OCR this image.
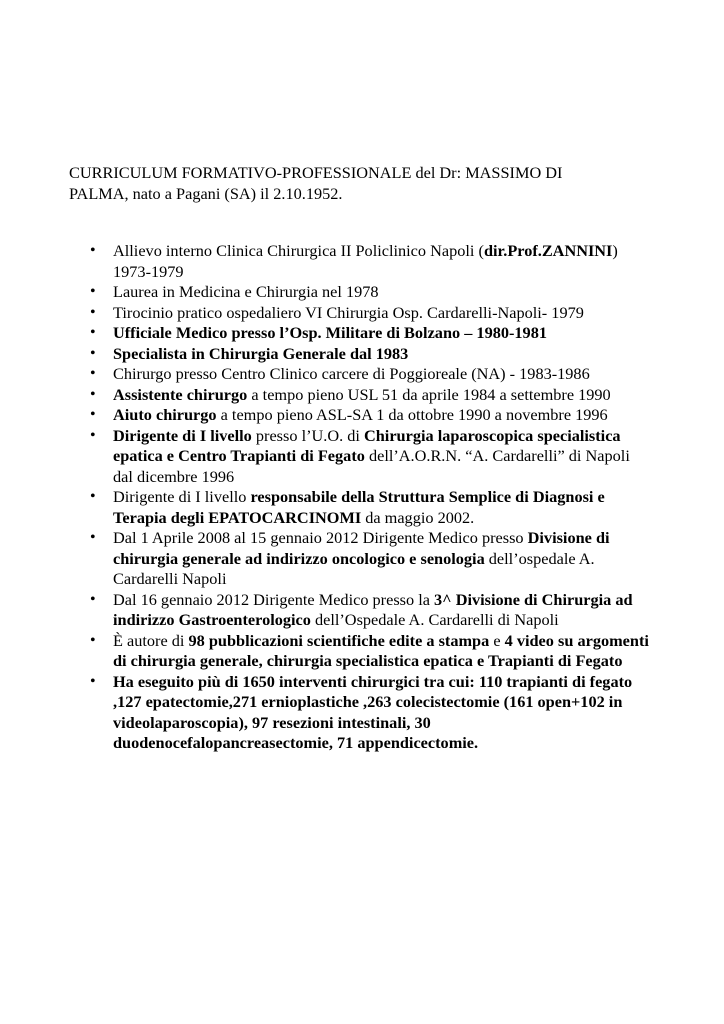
CURRICULUM FORMATIVO-PROFESSIONALE del Dr: MASSIMO DI
PALMA, nato a Pagani (SA) il 2.10.1952.
• Allievo interno Clinica Chirurgica II Policlinico Napoli (dir.Prof.ZANNINI) 1973-1979
• Laurea in Medicina e Chirurgia nel 1978
• Tirocinio pratico ospedaliero VI Chirurgia Osp. Cardarelli-Napoli- 1979
• Ufficiale Medico presso l’Osp. Militare di Bolzano – 1980-1981
• Specialista in Chirurgia Generale dal 1983
• Chirurgo presso Centro Clinico carcere di Poggioreale (NA) - 1983-1986
• Assistente chirurgo a tempo pieno USL 51 da aprile 1984 a settembre 1990
• Aiuto chirurgo a tempo pieno ASL-SA 1 da ottobre 1990 a novembre 1996
• Dirigente di I livello presso l’U.O. di Chirurgia laparoscopica specialistica epatica e Centro Trapianti di Fegato dell’A.O.R.N. “A. Cardarelli” di Napoli dal dicembre 1996
• Dirigente di I livello responsabile della Struttura Semplice di Diagnosi e Terapia degli EPATOCARCINOMI da maggio 2002.
• Dal 1 Aprile 2008 al 15 gennaio 2012 Dirigente Medico presso Divisione di chirurgia generale ad indirizzo oncologico e senologia dell’ospedale A. Cardarelli Napoli
• Dal 16 gennaio 2012 Dirigente Medico presso la 3^ Divisione di Chirurgia ad indirizzo Gastroenterologico dell’Ospedale A. Cardarelli di Napoli
• È autore di 98 pubblicazioni scientifiche edite a stampa e 4 video su argomenti di chirurgia generale, chirurgia specialistica epatica e Trapianti di Fegato
• Ha eseguito più di 1650 interventi chirurgici tra cui: 110 trapianti di fegato ,127 epatectomie,271 ernioplastiche ,263 colecistectomie (161 open+102 in videolaparoscopia), 97 resezioni intestinali, 30 duodenocefalopancreasectomie, 71 appendicectomie.
